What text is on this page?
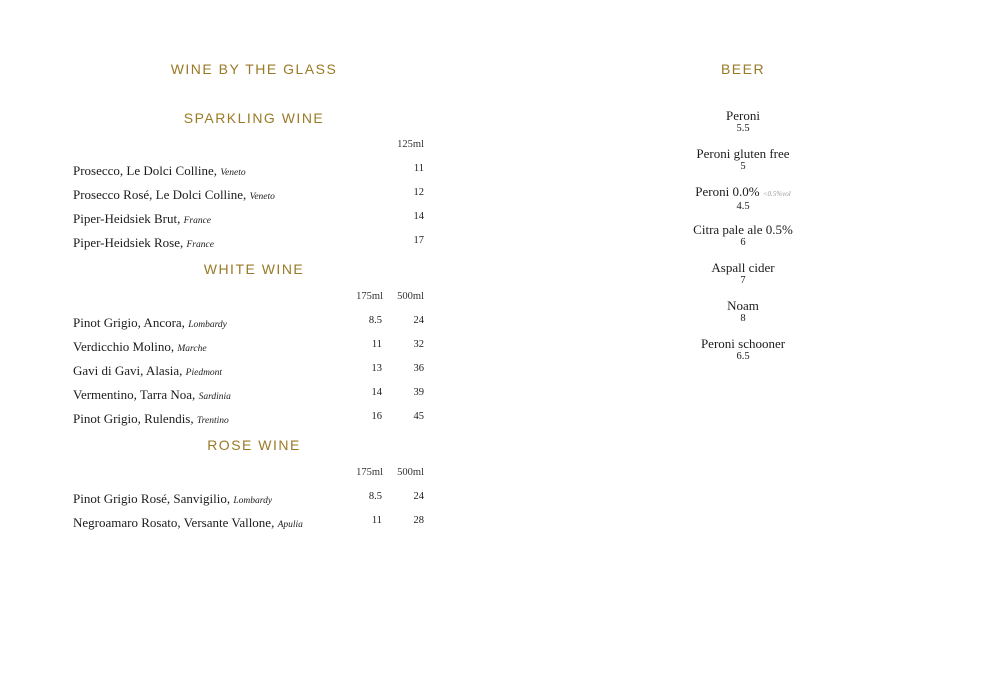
WINE BY THE GLASS	BEER
SPARKLING WINE
125ml
Prosecco, Le Dolci Colline, Veneto	11
Prosecco Rosé, Le Dolci Colline, Veneto	12
Piper-Heidsiek Brut, France	14
Piper-Heidsiek Rose, France	17
WHITE WINE
175ml	500ml
Pinot Grigio, Ancora, Lombardy	8.5	24
Verdicchio Molino, Marche	11	32
Gavi di Gavi, Alasia, Piedmont	13	36
Vermentino, Tarra Noa, Sardinia	14	39
Pinot Grigio, Rulendis, Trentino	16	45
ROSE WINE
175ml	500ml
Pinot Grigio Rosé, Sanvigilio, Lombardy	8.5	24
Negroamaro Rosato, Versante Vallone, Apulia	11	28
Peroni
5.5
Peroni gluten free
5
Peroni 0.0% <0.5%vol
4.5
Citra pale ale 0.5%
6
Aspall cider
7
Noam
8
Peroni schooner
6.5
